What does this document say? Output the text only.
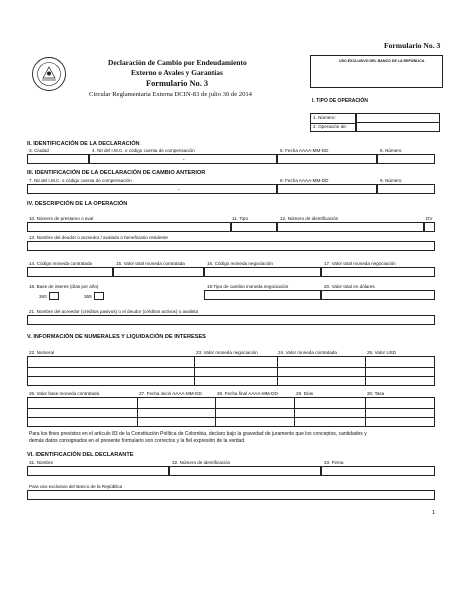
Formulario No. 3
Declaración de Cambio por Endeudamiento
Externo o Avales y Garantías
Formulario No. 3
Circular Reglamentaria Externa DCIN-83 de julio 30 de 2014
USO EXCLUSIVO DEL BANCO DE LA REPÚBLICA
I. TIPO DE OPERACIÓN
1. Número:
2. Operación de:
II. IDENTIFICACIÓN DE LA DECLARACIÓN
3. Ciudad	4. Nit del I.M.C. o código cuenta de compensación	5. Fecha AAAA-MM-DD	6. Número
-
III. IDENTIFICACIÓN DE LA DECLARACIÓN DE CAMBIO ANTERIOR
7. Nit del I.M.C. o código cuenta de compensación	8. Fecha AAAA-MM-DD	9. Número
-
IV. DESCRIPCIÓN DE LA OPERACIÓN
10. Número de prestamo o aval	11. Tipo	12. Número de identificación	DV
13. Nombre del deudor o acreedor / avalado o beneficiario residente
14. Código moneda contratada	15. Valor total moneda contratada	16. Código moneda negociación	17. Valor total moneda negociación
18. Base de interes (días por año)
360	365
19.Tipo de cambio moneda negociación	20. Valor total en dólares
21. Nombre del acreedor (créditos pasivos) o el deudor (créditos activos) o avalista
V. INFORMACIÓN DE NUMERALES Y LIQUIDACIÓN DE INTERESES
22. Numeral	23. Valor moneda negociación	24. Valor moneda contratada	25. Valor USD
26. Valor base moneda contratada	27. Fecha inicio AAAA-MM-DD	28. Fecha final AAAA-MM-DD	29. Días	30. Tasa
Para los fines previstos en el artículo 83 de la Constitución Política de Colombia, declaro bajo la gravedad de juramento que los conceptos, cantidades y
demás datos consignados en el presente formulario son correctos y la fiel expresión de la verdad.
VI. IDENTIFICACIÓN DEL DECLARANTE
31. Nombre	32. Número de identificación	33. Firma
Para uso exclusivo del Banco de la República
1
